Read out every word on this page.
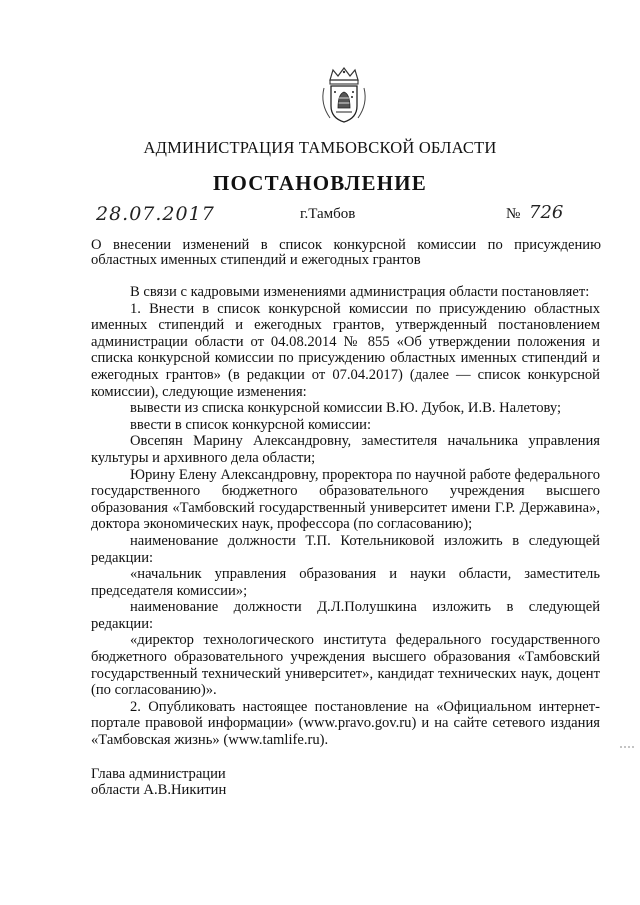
АДМИНИСТРАЦИЯ ТАМБОВСКОЙ ОБЛАСТИ
ПОСТАНОВЛЕНИЕ
28.07.2017	г.Тамбов	№ 726
О внесении изменений в список конкурсной комиссии по присуждению областных именных стипендий и ежегодных грантов

В связи с кадровыми изменениями администрация области постановляет:

1. Внести в список конкурсной комиссии по присуждению областных именных стипендий и ежегодных грантов, утвержденный постановлением администрации области от 04.08.2014 № 855 «Об утверждении положения и списка конкурсной комиссии по присуждению областных именных стипендий и ежегодных грантов» (в редакции от 07.04.2017) (далее — список конкурсной комиссии), следующие изменения:

вывести из списка конкурсной комиссии В.Ю. Дубок, И.В. Налетову;

ввести в список конкурсной комиссии:

Овсепян Марину Александровну, заместителя начальника управления культуры и архивного дела области;

Юрину Елену Александровну, проректора по научной работе федерального государственного бюджетного образовательного учреждения высшего образования «Тамбовский государственный университет имени Г.Р. Державина», доктора экономических наук, профессора (по согласованию);

наименование должности Т.П. Котельниковой изложить в следующей редакции:

«начальник управления образования и науки области, заместитель председателя комиссии»;

наименование должности Д.Л.Полушкина изложить в следующей редакции:

«директор технологического института федерального государственного бюджетного образовательного учреждения высшего образования «Тамбовский государственный технический университет», кандидат технических наук, доцент (по согласованию)».

2. Опубликовать настоящее постановление на «Официальном интернет-портале правовой информации» (www.pravo.gov.ru) и на сайте сетевого издания «Тамбовская жизнь» (www.tamlife.ru).

Глава администрации
области А.В.Никитин
